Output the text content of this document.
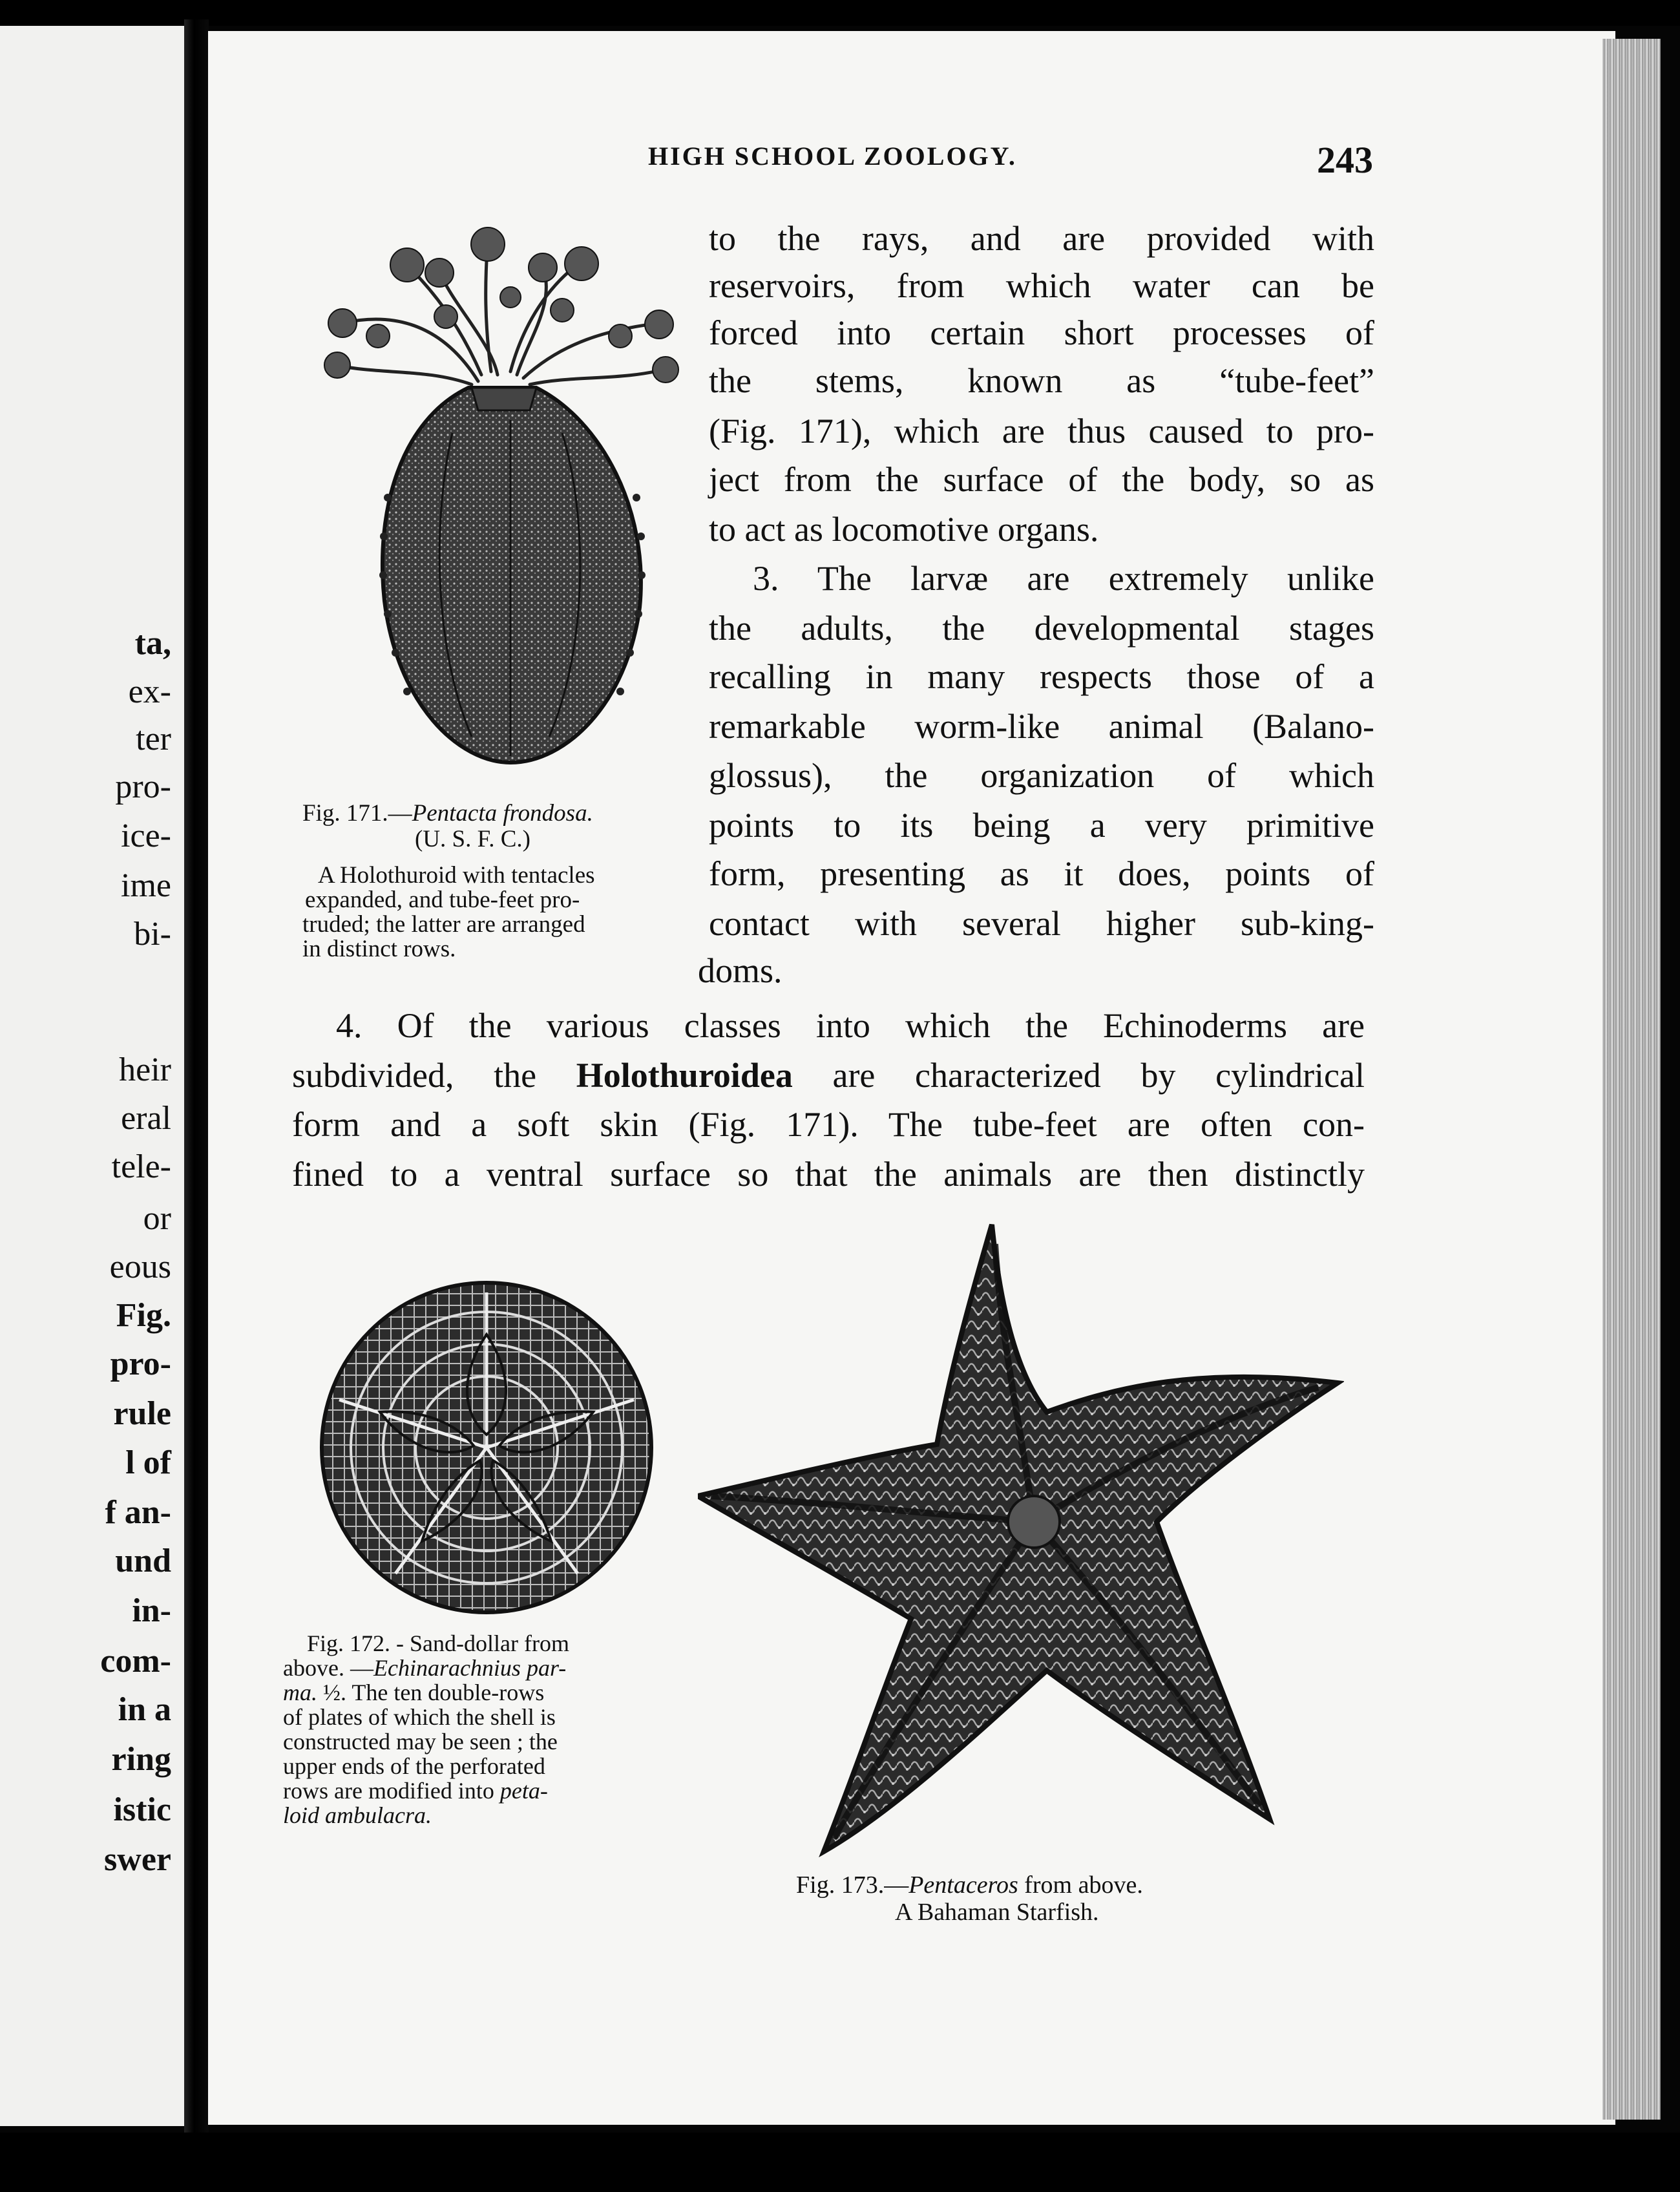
ta,
ex-
ter
pro-
ice-
ime
bi-
heir
eral
tele-
or
eous
Fig.
pro-
rule
l of
f an-
und
in-
com-
in a
ring
istic
swer
HIGH SCHOOL ZOOLOGY.	243
Fig. 171.—Pentacta frondosa.
(U. S. F. C.)
A Holothuroid with tentacles
expanded, and tube-feet pro-
truded; the latter are arranged
in distinct rows.
to the rays, and are provided with
reservoirs, from which water can be
forced into certain short processes of
the stems, known as “tube-feet”
(Fig. 171), which are thus caused to pro-
ject from the surface of the body, so as
to act as locomotive organs.
3. The larvæ are extremely unlike
the adults, the developmental stages
recalling in many respects those of a
remarkable worm-like animal (Balano-
glossus), the organization of which
points to its being a very primitive
form, presenting as it does, points of
contact with several higher sub-king-
doms.
4. Of the various classes into which the Echinoderms are
subdivided, the Holothuroidea are characterized by cylindrical
form and a soft skin (Fig. 171). The tube-feet are often con-
fined to a ventral surface so that the animals are then distinctly
Fig. 172. - Sand-dollar from
above. —Echinarachnius par-
ma. ½. The ten double-rows
of plates of which the shell is
constructed may be seen ; the
upper ends of the perforated
rows are modified into peta-
loid ambulacra.
Fig. 173.—Pentaceros from above.
A Bahaman Starfish.
